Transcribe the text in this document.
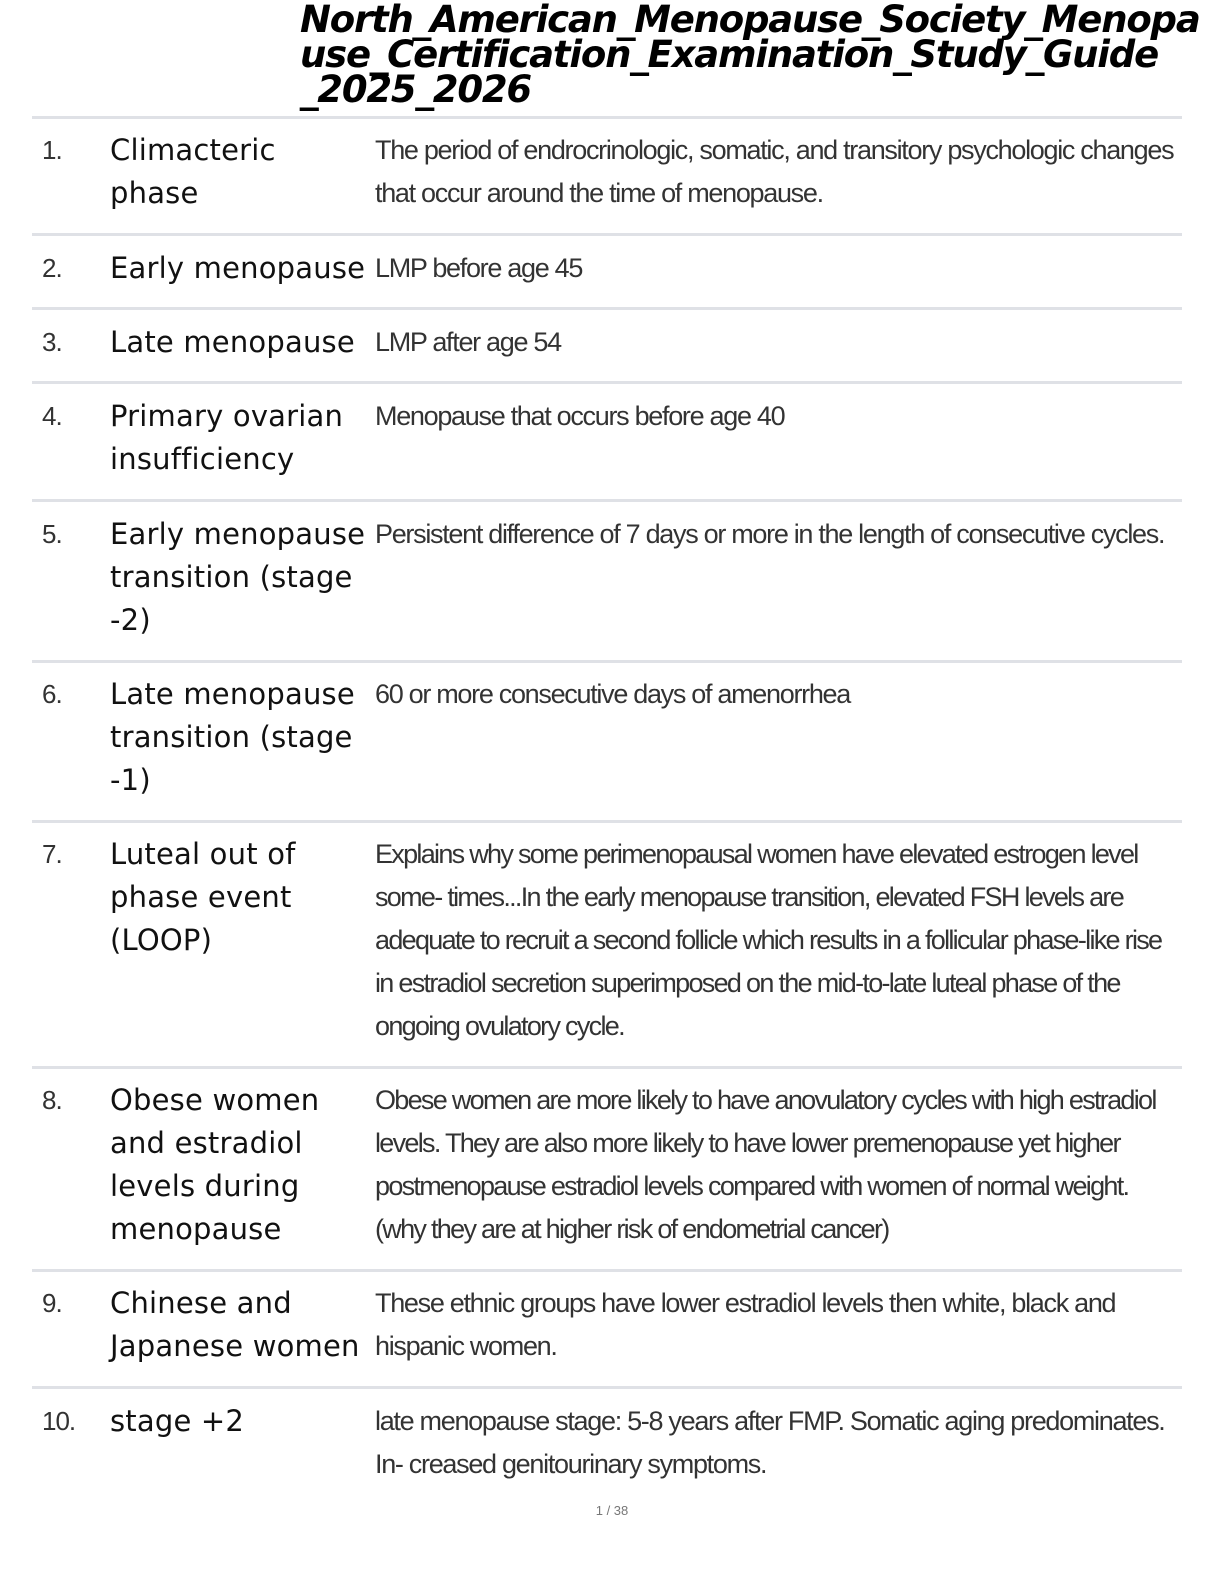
North_American_Menopause_Society_Menopa
use_Certification_Examination_Study_Guide
_2025_2026
1. Climacteric phase
The period of endrocrinologic, somatic, and transitory psychologic changes that occur around the time of menopause.
2. Early menopause LMP before age 45
3. Late menopause LMP after age 54
4. Primary ovarian insufficiency
Menopause that occurs before age 40
5. Early menopause transition (stage -2)
Persistent difference of 7 days or more in the length of consecutive cycles.
6. Late menopause transition (stage -1)
60 or more consecutive days of amenorrhea
7. Luteal out of phase event (LOOP)
Explains why some perimenopausal women have elevated estrogen level some- times...In the early menopause transition, elevated FSH levels are adequate to recruit a second follicle which results in a follicular phase-like rise in estradiol secretion superimposed on the mid-to-late luteal phase of the ongoing ovulatory cycle.
8. Obese women and estradiol levels during menopause
Obese women are more likely to have anovulatory cycles with high estradiol levels. They are also more likely to have lower premenopause yet higher postmenopause estradiol levels compared with women of normal weight. (why they are at higher risk of endometrial cancer)
9. Chinese and Japanese women
These ethnic groups have lower estradiol levels then white, black and hispanic women.
10. stage +2	late menopause stage: 5-8 years after FMP. Somatic aging predominates. In- creased genitourinary symptoms.
1 / 38
